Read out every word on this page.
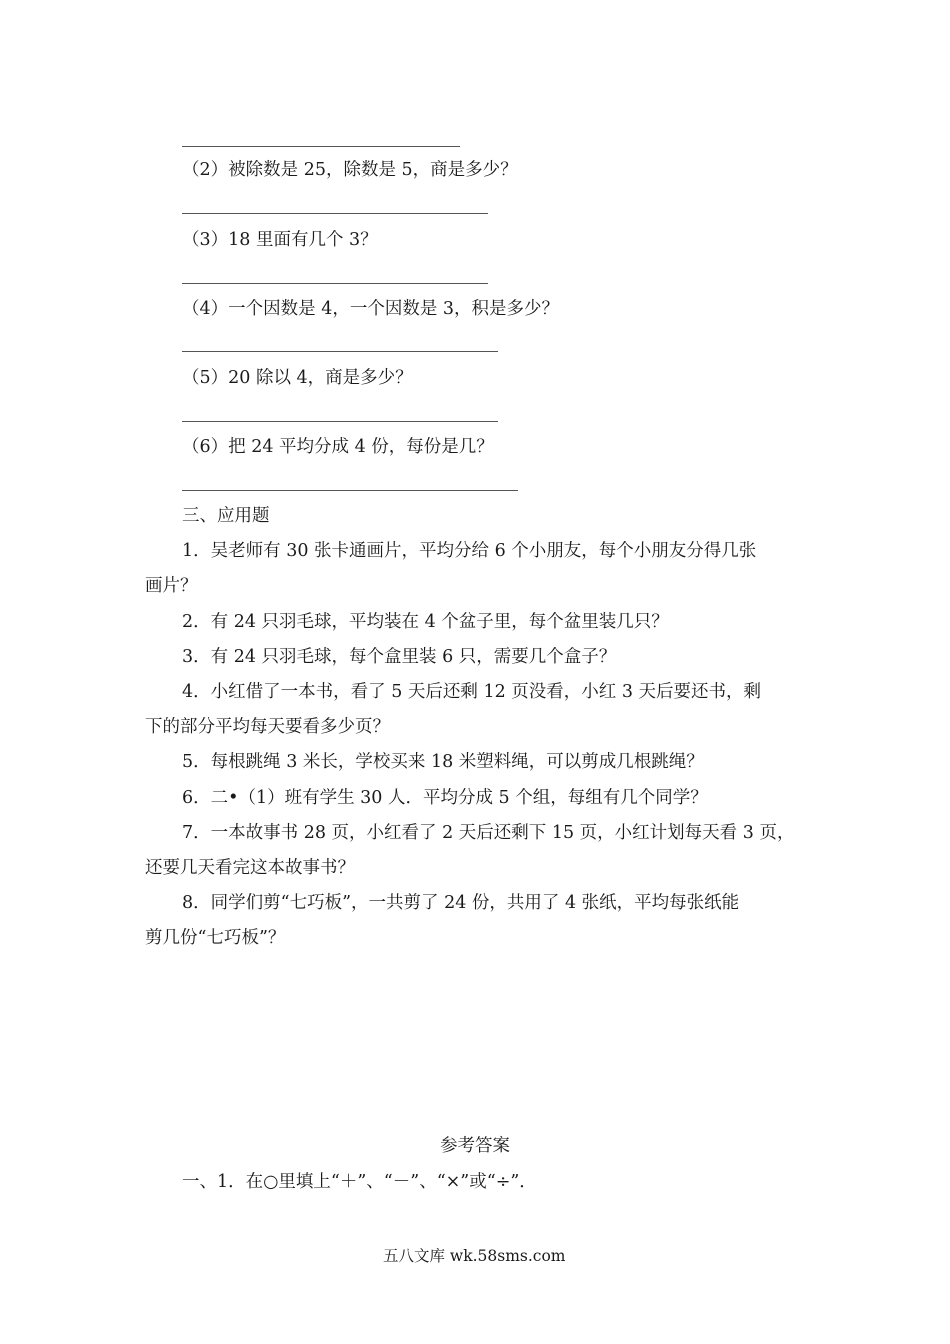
（2）被除数是 25，除数是 5，商是多少？
（3）18 里面有几个 3？
（4）一个因数是 4，一个因数是 3，积是多少？
（5）20 除以 4，商是多少？
（6）把 24 平均分成 4 份，每份是几？
三、应用题
1．吴老师有 30 张卡通画片，平均分给 6 个小朋友，每个小朋友分得几张
画片？
2．有 24 只羽毛球，平均装在 4 个盆子里，每个盆里装几只？
3．有 24 只羽毛球，每个盒里装 6 只，需要几个盒子？
4．小红借了一本书，看了 5 天后还剩 12 页没看，小红 3 天后要还书，剩
下的部分平均每天要看多少页？
5．每根跳绳 3 米长，学校买来 18 米塑料绳，可以剪成几根跳绳？
6．二•（1）班有学生 30 人．平均分成 5 个组，每组有几个同学？
7．一本故事书 28 页，小红看了 2 天后还剩下 15 页，小红计划每天看 3 页，
还要几天看完这本故事书？
8．同学们剪“七巧板”，一共剪了 24 份，共用了 4 张纸，平均每张纸能
剪几份“七巧板”？
参考答案
一、1．在○里填上“＋”、“－”、“×”或“÷”．
五八文库 wk.58sms.com
